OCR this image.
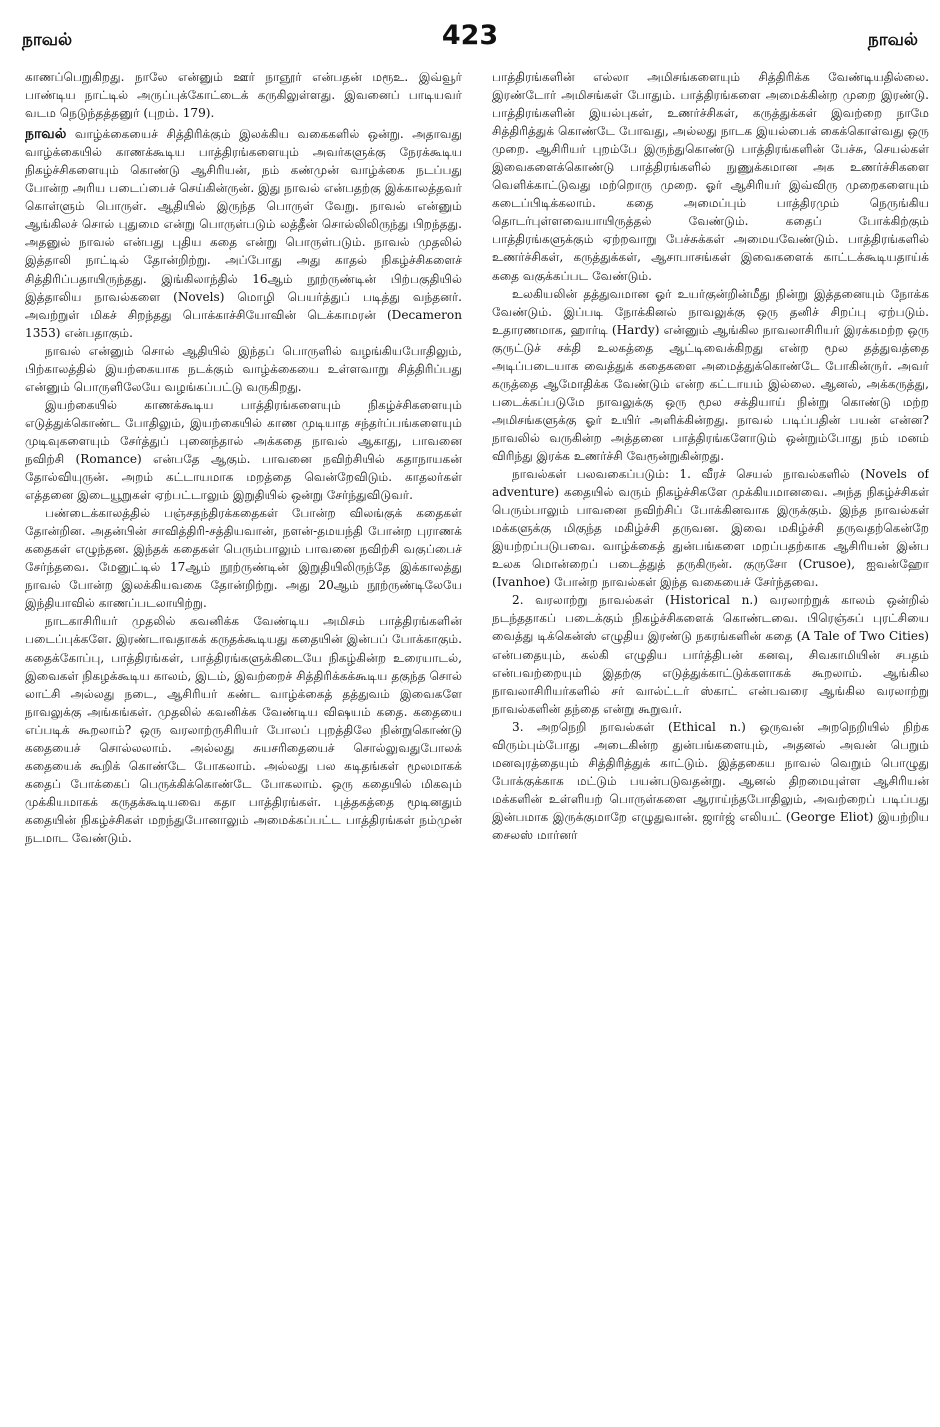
நாவல்	423	நாவல்

காணப்பெறுகிறது. நாலே என்னும் ஊர் நாஞூர் என்பதன் மரூஉ. இவ்வூர் பாண்டிய நாட்டில் அருப்புக்கோட்டைக் கருகிலுள்ளது. இவனைப் பாடியவர் வடம நெடுந்தத்தனுர் (புறம். 179).

நாவல் வாழ்க்கையைச் சித்திரிக்கும் இலக்கிய வகைகளில் ஒன்று. அதாவது வாழ்க்கையில் காணக்கூடிய பாத்திரங்களையும் அவர்களுக்கு நேரக்கூடிய நிகழ்ச்சிகளையும் கொண்டு ஆசிரியன், நம் கண்முன் வாழ்க்கை நடப்பது போன்ற அரிய படைப்பைச் செய்கின்ருன். இது நாவல் என்பதற்கு இக்காலத்தவர் கொள்ளும் பொருள். ஆதியில் இருந்த பொருள் வேறு. நாவல் என்னும் ஆங்கிலச் சொல் புதுமை என்று பொருள்படும் லத்தீன் சொல்லிலிருந்து பிறந்தது. அதனுல் நாவல் என்பது புதிய கதை என்று பொருள்படும். நாவல் முதலில் இத்தாலி நாட்டில் தோன்றிற்று. அப்போது அது காதல் நிகழ்ச்சிகளைச் சித்திரிப்பதாயிருந்தது. இங்கிலாந்தில் 16ஆம் நூற்ருண்டின் பிற்பகுதியில் இத்தாலிய நாவல்களை (Novels) மொழி பெயர்த்துப் படித்து வந்தனர். அவற்றுள் மிகச் சிறந்தது பொக்காச்சியோவின் டெக்காமரன் (Decameron 1353) என்பதாகும்.

நாவல் என்னும் சொல் ஆதியில் இந்தப் பொருளில் வழங்கியபோதிலும், பிற்காலத்தில் இயற்கையாக நடக்கும் வாழ்க்கையை உள்ளவாறு சித்திரிப்பது என்னும் பொருளிலேயே வழங்கப்பட்டு வருகிறது.

இயற்கையில் காணக்கூடிய பாத்திரங்களையும் நிகழ்ச்சிகளையும் எடுத்துக்கொண்ட போதிலும், இயற்கையில் காண முடியாத சந்தர்ப்பங்களையும் முடிவுகளையும் சேர்த்துப் புனைந்தால் அக்கதை நாவல் ஆகாது, பாவனை நவிற்சி (Romance) என்பதே ஆகும். பாவனை நவிற்சியில் கதாநாயகன் தோல்வியுருன். அறம் கட்டாயமாக மறத்தை வென்றேவிடும். காதலர்கள் எத்தனை இடையூறுகள் ஏற்பட்டாலும் இறுதியில் ஒன்று சேர்ந்துவிடுவர்.

பண்டைக்காலத்தில் பஞ்சதந்திரக்கதைகள் போன்ற விலங்குக் கதைகள் தோன்றின. அதன்பின் சாவித்திரி-சத்தியவான், நளன்-தமயந்தி போன்ற புராணக் கதைகள் எழுந்தன. இந்தக் கதைகள் பெரும்பாலும் பாவனை நவிற்சி வகுப்பைச் சேர்ந்தவை. மேனுட்டில் 17ஆம் நூற்ருண்டின் இறுதியிலிருந்தே இக்காலத்து நாவல் போன்ற இலக்கியவகை தோன்றிற்று. அது 20ஆம் நூற்ருண்டிலேயே இந்தியாவில் காணப்படலாயிற்று.

நாடகாசிரியர் முதலில் கவனிக்க வேண்டிய அமிசம் பாத்திரங்களின் படைப்புக்களே. இரண்டாவதாகக் கருதக்கூடியது கதையின் இன்பப் போக்காகும். கதைக்கோப்பு, பாத்திரங்கள், பாத்திரங்களுக்கிடையே நிகழ்கின்ற உரையாடல், இவைகள் நிகழக்கூடிய காலம், இடம், இவற்றைச் சித்திரிக்கக்கூடிய தகுந்த சொல் லாட்சி அல்லது நடை, ஆசிரியர் கண்ட வாழ்க்கைத் தத்துவம் இவைகளே நாவலுக்கு அங்கங்கள். முதலில் கவனிக்க வேண்டிய விஷயம் கதை. கதையை எப்படிக் கூறலாம்? ஒரு வரலாற்ருசிரியர் போலப் புறத்திலே நின்றுகொண்டு கதையைச் சொல்லலாம். அல்லது சுயசரிதையைச் சொல்லுவதுபோலக் கதையைக் கூறிக் கொண்டே போகலாம். அல்லது பல கடிதங்கள் மூலமாகக் கதைப் போக்கைப் பெருக்கிக்கொண்டே போகலாம். ஒரு கதையில் மிகவும் முக்கியமாகக் கருதக்கூடியவை கதா பாத்திரங்கள். புத்தகத்தை மூடினதும் கதையின் நிகழ்ச்சிகள் மறந்துபோனாலும் அமைக்கப்பட்ட பாத்திரங்கள் நம்முன் நடமாட வேண்டும்.

பாத்திரங்களின் எல்லா அமிசங்களையும் சித்திரிக்க வேண்டியதில்லை. இரண்டோர் அமிசங்கள் போதும். பாத்திரங்களை அமைக்கின்ற முறை இரண்டு. பாத்திரங்களின் இயல்புகள், உணர்ச்சிகள், கருத்துக்கள் இவற்றை நாமே சித்திரித்துக் கொண்டே போவது, அல்லது நாடக இயல்பைக் கைக்கொள்வது ஒரு முறை. ஆசிரியர் புறம்பே இருந்துகொண்டு பாத்திரங்களின் பேச்சு, செயல்கள் இவைகளைக்கொண்டு பாத்திரங்களில் நுணுக்கமான அக உணர்ச்சிகளை வெளிக்காட்டுவது மற்றொரு முறை. ஓர் ஆசிரியர் இவ்விரு முறைகளையும் கடைப்பிடிக்கலாம். கதை அமைப்பும் பாத்திரமும் நெருங்கிய தொடர்புள்ளவையாயிருத்தல் வேண்டும். கதைப் போக்கிற்கும் பாத்திரங்களுக்கும் ஏற்றவாறு பேச்சுக்கள் அமையவேண்டும். பாத்திரங்களில் உணர்ச்சிகள், கருத்துக்கள், ஆசாபாசங்கள் இவைகளைக் காட்டக்கூடியதாய்க் கதை வகுக்கப்பட வேண்டும்.

உலகியலின் தத்துவமான ஓர் உயர்குன்றின்மீது நின்று இத்தனையும் நோக்க வேண்டும். இப்படி நோக்கினல் நாவலுக்கு ஒரு தனிச் சிறப்பு ஏற்படும். உதாரணமாக, ஹார்டி (Hardy) என்னும் ஆங்கில நாவலாசிரியர் இரக்கமற்ற ஒரு குருட்டுச் சக்தி உலகத்தை ஆட்டிவைக்கிறது என்ற மூல தத்துவத்தை அடிப்படையாக வைத்துக் கதைகளை அமைத்துக்கொண்டே போகின்ருர். அவர் கருத்தை ஆமோதிக்க வேண்டும் என்ற கட்டாயம் இல்லை. ஆனல், அக்கருத்து, படைக்கப்படுமே நாவலுக்கு ஒரு மூல சக்தியாய் நின்று கொண்டு மற்ற அமிசங்களுக்கு ஓர் உயிர் அளிக்கின்றது. நாவல் படிப்பதின் பயன் என்ன? நாவலில் வருகின்ற அத்தனை பாத்திரங்களோடும் ஒன்றும்போது நம் மனம் விரிந்து இரக்க உணர்ச்சி வேரூன்றுகின்றது.

நாவல்கள் பலவகைப்படும்: 1. வீரச் செயல் நாவல்களில் (Novels of adventure) கதையில் வரும் நிகழ்ச்சிகளே முக்கியமானவை. அந்த நிகழ்ச்சிகள் பெரும்பாலும் பாவனை நவிற்சிப் போக்கினவாக இருக்கும். இந்த நாவல்கள் மக்களுக்கு மிகுந்த மகிழ்ச்சி தருவன. இவை மகிழ்ச்சி தருவதற்கென்றே இயற்றப்படுபவை. வாழ்க்கைத் துன்பங்களை மறப்பதற்காக ஆசிரியன் இன்ப உலக மொன்றைப் படைத்துத் தருகிருன். குருசோ (Crusoe), ஐவன்ஹோ (Ivanhoe) போன்ற நாவல்கள் இந்த வகையைச் சேர்ந்தவை.

2. வரலாற்று நாவல்கள் (Historical n.) வரலாற்றுக் காலம் ஒன்றில் நடந்ததாகப் படைக்கும் நிகழ்ச்சிகளைக் கொண்டவை. பிரெஞ்சுப் புரட்சியை வைத்து டிக்கென்ஸ் எழுதிய இரண்டு நகரங்களின் கதை (A Tale of Two Cities) என்பதையும், கல்கி எழுதிய பார்த்திபன் கனவு, சிவகாமியின் சபதம் என்பவற்றையும் இதற்கு எடுத்துக்காட்டுக்களாகக் கூறலாம். ஆங்கில நாவலாசிரியர்களில் சர் வால்ட்டர் ஸ்காட் என்பவரை ஆங்கில வரலாற்று நாவல்களின் தந்தை என்று கூறுவர்.

3. அறநெறி நாவல்கள் (Ethical n.) ஒருவன் அறநெறியில் நிற்க விரும்பும்போது அடைகின்ற துன்பங்களையும், அதனல் அவன் பெறும் மனவுரத்தையும் சித்திரித்துக் காட்டும். இத்தகைய நாவல் வெறும் பொழுது போக்குக்காக மட்டும் பயன்படுவதன்று. ஆனல் திறமையுள்ள ஆசிரியன் மக்களின் உள்ளியற் பொருள்களை ஆராய்ந்தபோதிலும், அவற்றைப் படிப்பது இன்பமாக இருக்குமாறே எழுதுவான். ஜார்ஜ் எலியட் (George Eliot) இயற்றிய சைலஸ் மார்னர்
